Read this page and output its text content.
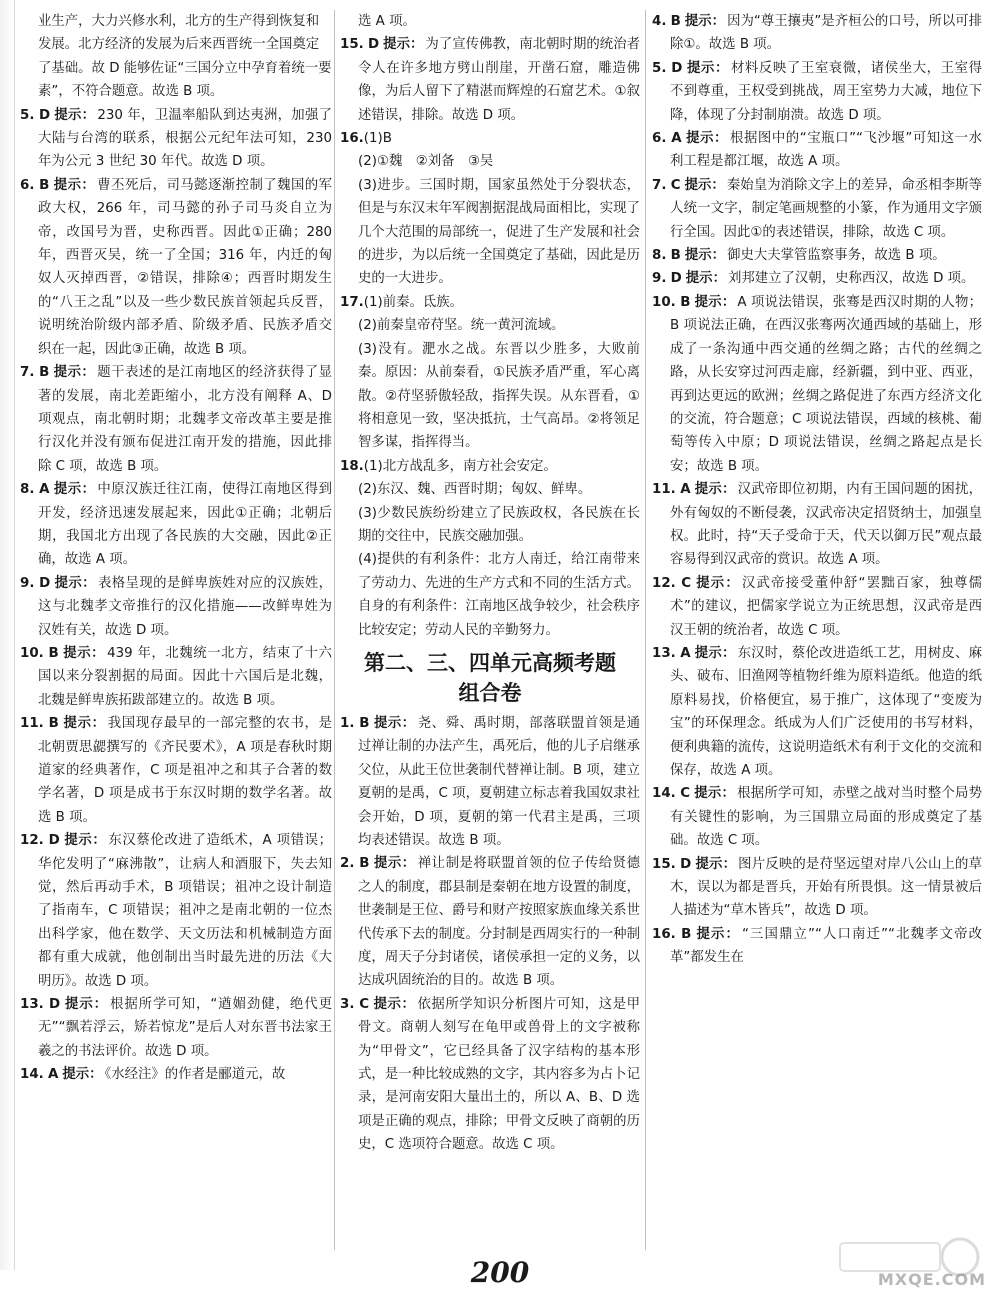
业生产，大力兴修水利，北方的生产得到恢复和发展。北方经济的发展为后来西晋统一全国奠定了基础。故 D 能够佐证“三国分立中孕育着统一要素”，不符合题意。故选 B 项。
5. D 提示： 230 年，卫温率船队到达夷洲，加强了大陆与台湾的联系，根据公元纪年法可知，230 年为公元 3 世纪 30 年代。故选 D 项。
6. B 提示： 曹丕死后，司马懿逐渐控制了魏国的军政大权，266 年，司马懿的孙子司马炎自立为帝，改国号为晋，史称西晋。因此①正确；280 年，西晋灭吴，统一了全国；316 年，内迁的匈奴人灭掉西晋，②错误，排除④；西晋时期发生的“八王之乱”以及一些少数民族首领起兵反晋，说明统治阶级内部矛盾、阶级矛盾、民族矛盾交织在一起，因此③正确，故选 B 项。
7. B 提示： 题干表述的是江南地区的经济获得了显著的发展，南北差距缩小，北方没有阐释 A、D 项观点，南北朝时期；北魏孝文帝改革主要是推行汉化并没有颁布促进江南开发的措施，因此排除 C 项，故选 B 项。
8. A 提示： 中原汉族迁往江南，使得江南地区得到开发，经济迅速发展起来，因此①正确；北朝后期，我国北方出现了各民族的大交融，因此②正确，故选 A 项。
9. D 提示： 表格呈现的是鲜卑族姓对应的汉族姓，这与北魏孝文帝推行的汉化措施——改鲜卑姓为汉姓有关，故选 D 项。
10. B 提示： 439 年，北魏统一北方，结束了十六国以来分裂割据的局面。因此十六国后是北魏，北魏是鲜卑族拓跋部建立的。故选 B 项。
11. B 提示： 我国现存最早的一部完整的农书，是北朝贾思勰撰写的《齐民要术》，A 项是春秋时期道家的经典著作，C 项是祖冲之和其子合著的数学名著，D 项是成书于东汉时期的数学名著。故选 B 项。
12. D 提示： 东汉蔡伦改进了造纸术，A 项错误；华佗发明了“麻沸散”，让病人和酒服下，失去知觉，然后再动手术，B 项错误；祖冲之设计制造了指南车，C 项错误；祖冲之是南北朝的一位杰出科学家，他在数学、天文历法和机械制造方面都有重大成就，他创制出当时最先进的历法《大明历》。故选 D 项。
13. D 提示： 根据所学可知，“遒媚劲健，绝代更无”“飘若浮云，矫若惊龙”是后人对东晋书法家王羲之的书法评价。故选 D 项。
14. A 提示： 《水经注》的作者是郦道元，故
选 A 项。
15. D 提示： 为了宣传佛教，南北朝时期的统治者令人在许多地方劈山削崖，开凿石窟，雕造佛像，为后人留下了精湛而辉煌的石窟艺术。①叙述错误，排除。故选 D 项。
16.(1)B
(2)①魏　②刘备　③吴
(3)进步。三国时期，国家虽然处于分裂状态，但是与东汉末年军阀割据混战局面相比，实现了几个大范围的局部统一，促进了生产发展和社会的进步，为以后统一全国奠定了基础，因此是历史的一大进步。
17.(1)前秦。氐族。
(2)前秦皇帝苻坚。统一黄河流域。
(3)没有。淝水之战。东晋以少胜多，大败前秦。原因：从前秦看，①民族矛盾严重，军心离散。②苻坚骄傲轻敌，指挥失误。从东晋看，①将相意见一致，坚决抵抗，士气高昂。②将领足智多谋，指挥得当。
18.(1)北方战乱多，南方社会安定。
(2)东汉、魏、西晋时期；匈奴、鲜卑。
(3)少数民族纷纷建立了民族政权，各民族在长期的交往中，民族交融加强。
(4)提供的有利条件：北方人南迁，给江南带来了劳动力、先进的生产方式和不同的生活方式。自身的有利条件：江南地区战争较少，社会秩序比较安定；劳动人民的辛勤努力。
第二、三、四单元高频考题
组合卷
1. B 提示： 尧、舜、禹时期，部落联盟首领是通过禅让制的办法产生，禹死后，他的儿子启继承父位，从此王位世袭制代替禅让制。B 项，建立夏朝的是禹，C 项，夏朝建立标志着我国奴隶社会开始，D 项，夏朝的第一代君主是禹，三项均表述错误。故选 B 项。
2. B 提示： 禅让制是将联盟首领的位子传给贤德之人的制度，郡县制是秦朝在地方设置的制度，世袭制是王位、爵号和财产按照家族血缘关系世代传承下去的制度。分封制是西周实行的一种制度，周天子分封诸侯，诸侯承担一定的义务，以达成巩固统治的目的。故选 B 项。
3. C 提示： 依据所学知识分析图片可知，这是甲骨文。商朝人刻写在龟甲或兽骨上的文字被称为“甲骨文”，它已经具备了汉字结构的基本形式，是一种比较成熟的文字，其内容多为占卜记录，是河南安阳大量出土的，所以 A、B、D 选项是正确的观点，排除；甲骨文反映了商朝的历史，C 选项符合题意。故选 C 项。
4. B 提示： 因为“尊王攘夷”是齐桓公的口号，所以可排除①。故选 B 项。
5. D 提示： 材料反映了王室衰微，诸侯坐大，王室得不到尊重，王权受到挑战，周王室势力大减，地位下降，体现了分封制崩溃。故选 D 项。
6. A 提示： 根据图中的“宝瓶口”“飞沙堰”可知这一水利工程是都江堰，故选 A 项。
7. C 提示： 秦始皇为消除文字上的差异，命丞相李斯等人统一文字，制定笔画规整的小篆，作为通用文字颁行全国。因此①的表述错误，排除，故选 C 项。
8. B 提示： 御史大夫掌管监察事务，故选 B 项。
9. D 提示： 刘邦建立了汉朝，史称西汉，故选 D 项。
10. B 提示： A 项说法错误，张骞是西汉时期的人物；B 项说法正确，在西汉张骞两次通西域的基础上，形成了一条沟通中西交通的丝绸之路；古代的丝绸之路，从长安穿过河西走廊，经新疆，到中亚、西亚，再到达更远的欧洲；丝绸之路促进了东西方经济文化的交流，符合题意；C 项说法错误，西域的核桃、葡萄等传入中原；D 项说法错误，丝绸之路起点是长安；故选 B 项。
11. A 提示： 汉武帝即位初期，内有王国问题的困扰，外有匈奴的不断侵袭，汉武帝决定招贤纳士，加强皇权。此时，持“天子受命于天，代天以御万民”观点最容易得到汉武帝的赏识。故选 A 项。
12. C 提示： 汉武帝接受董仲舒“罢黜百家，独尊儒术”的建议，把儒家学说立为正统思想，汉武帝是西汉王朝的统治者，故选 C 项。
13. A 提示： 东汉时，蔡伦改进造纸工艺，用树皮、麻头、破布、旧渔网等植物纤维为原料造纸。他造的纸原料易找，价格便宜，易于推广，这体现了“变废为宝”的环保理念。纸成为人们广泛使用的书写材料，便利典籍的流传，这说明造纸术有利于文化的交流和保存，故选 A 项。
14. C 提示： 根据所学可知，赤壁之战对当时整个局势有关键性的影响，为三国鼎立局面的形成奠定了基础。故选 C 项。
15. D 提示： 图片反映的是苻坚远望对岸八公山上的草木，误以为都是晋兵，开始有所畏惧。这一情景被后人描述为“草木皆兵”，故选 D 项。
16. B 提示： “三国鼎立”“人口南迁”“北魏孝文帝改革”都发生在
200	MXQE.COM
